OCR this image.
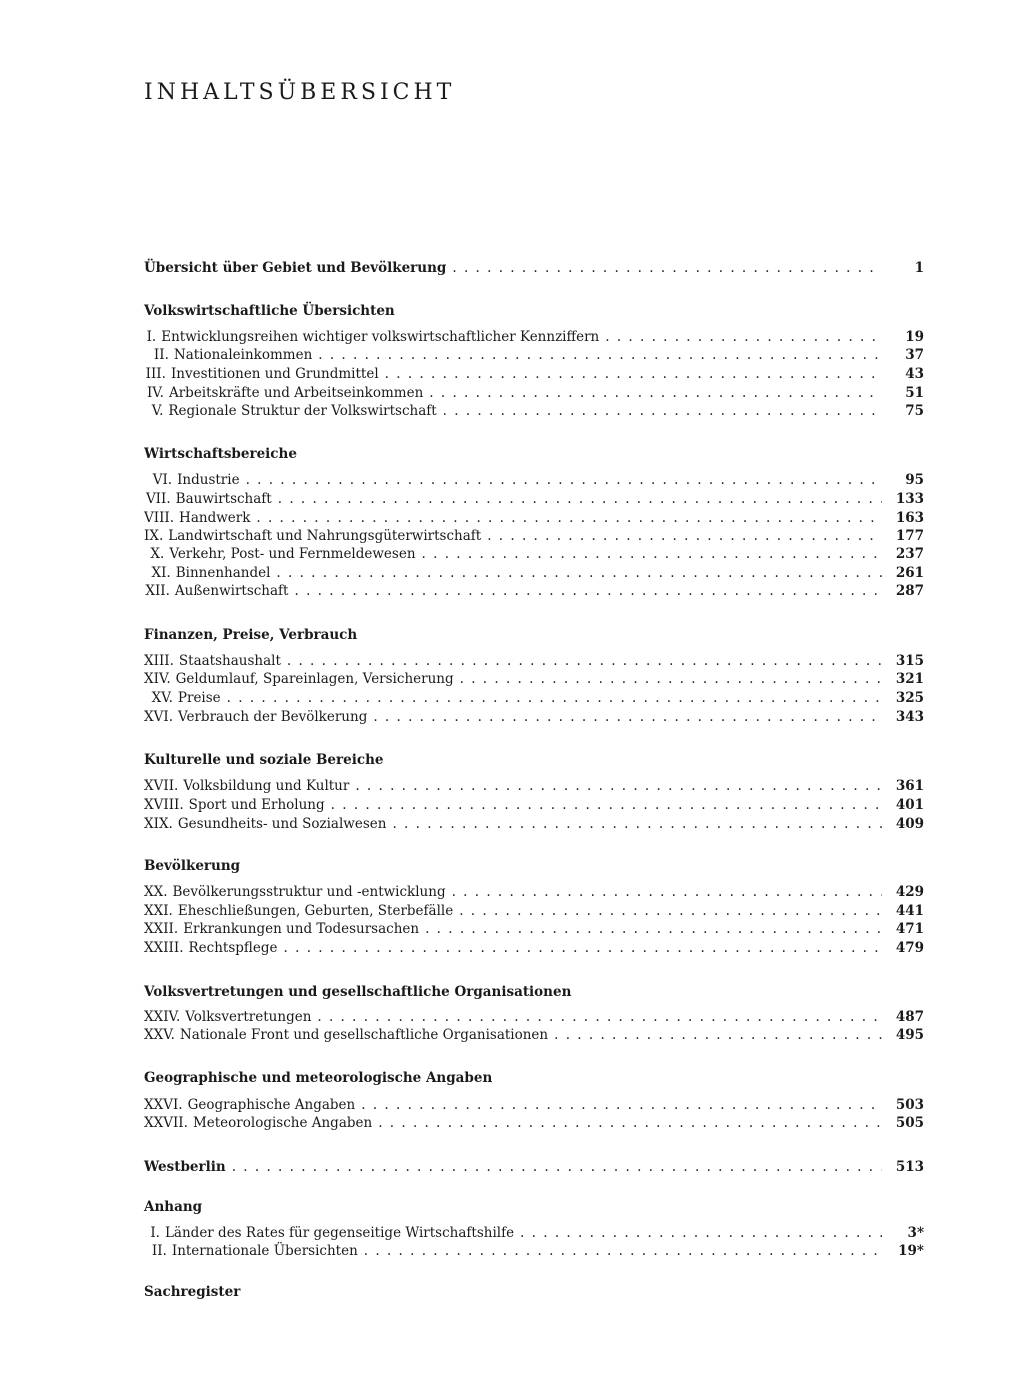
INHALTSÜBERSICHT
Übersicht über Gebiet und Bevölkerung . . .	1
Volkswirtschaftliche Übersichten
I. Entwicklungsreihen wichtiger volkswirtschaftlicher Kennziffern . . .	19
II. Nationaleinkommen . . .	37
III. Investitionen und Grundmittel . . .	43
IV. Arbeitskräfte und Arbeitseinkommen . . .	51
V. Regionale Struktur der Volkswirtschaft . . .	75
Wirtschaftsbereiche
VI. Industrie . . .	95
VII. Bauwirtschaft . . .	133
VIII. Handwerk . . .	163
IX. Landwirtschaft und Nahrungsgüterwirtschaft . . .	177
X. Verkehr, Post- und Fernmeldewesen . . .	237
XI. Binnenhandel . . .	261
XII. Außenwirtschaft . . .	287
Finanzen, Preise, Verbrauch
XIII. Staatshaushalt . . .	315
XIV. Geldumlauf, Spareinlagen, Versicherung . . .	321
XV. Preise . . .	325
XVI. Verbrauch der Bevölkerung . . .	343
Kulturelle und soziale Bereiche
XVII. Volksbildung und Kultur . . .	361
XVIII. Sport und Erholung . . .	401
XIX. Gesundheits- und Sozialwesen . . .	409
Bevölkerung
XX. Bevölkerungsstruktur und -entwicklung . . .	429
XXI. Eheschließungen, Geburten, Sterbefälle . . .	441
XXII. Erkrankungen und Todesursachen . . .	471
XXIII. Rechtspflege . . .	479
Volksvertretungen und gesellschaftliche Organisationen
XXIV. Volksvertretungen . . .	487
XXV. Nationale Front und gesellschaftliche Organisationen . . .	495
Geographische und meteorologische Angaben
XXVI. Geographische Angaben . . .	503
XXVII. Meteorologische Angaben . . .	505
Westberlin . . .	513
Anhang
I. Länder des Rates für gegenseitige Wirtschaftshilfe . . .	3*
II. Internationale Übersichten . . .	19*
Sachregister
